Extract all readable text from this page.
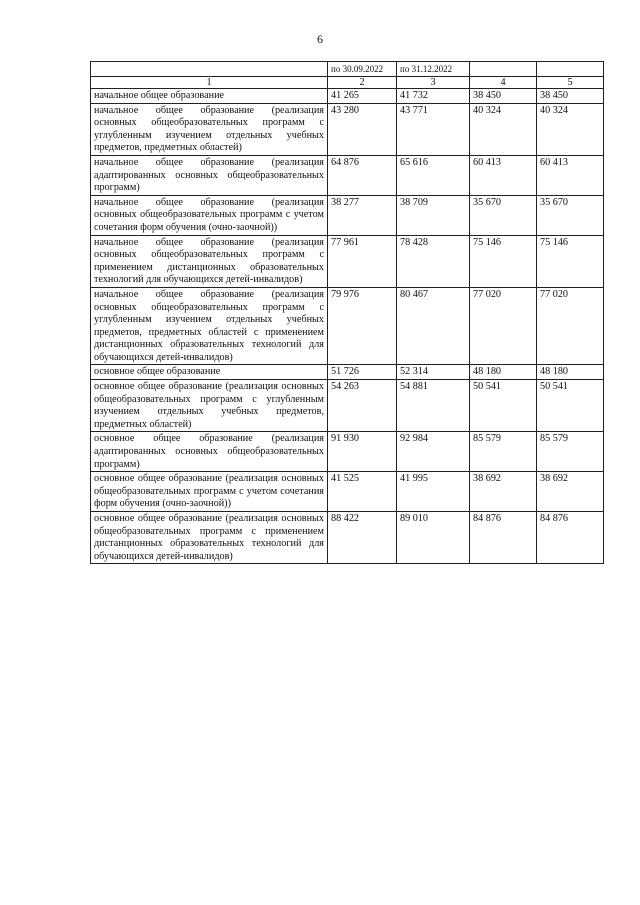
6
	по 30.09.2022	по 31.12.2022		
1	2	3	4	5
начальное общее образование	41 265	41 732	38 450	38 450
начальное общее образование (реализация основных общеобразовательных программ с углубленным изучением отдельных учебных предметов, предметных областей)	43 280	43 771	40 324	40 324
начальное общее образование (реализация адаптированных основных общеобразовательных программ)	64 876	65 616	60 413	60 413
начальное общее образование (реализация основных общеобразовательных программ с учетом сочетания форм обучения (очно-заочной))	38 277	38 709	35 670	35 670
начальное общее образование (реализация основных общеобразовательных программ с применением дистанционных образовательных технологий для обучающихся детей-инвалидов)	77 961	78 428	75 146	75 146
начальное общее образование (реализация основных общеобразовательных программ с углубленным изучением отдельных учебных предметов, предметных областей с применением дистанционных образовательных технологий для обучающихся детей-инвалидов)	79 976	80 467	77 020	77 020
основное общее образование	51 726	52 314	48 180	48 180
основное общее образование (реализация основных общеобразовательных программ с углубленным изучением отдельных учебных предметов, предметных областей)	54 263	54 881	50 541	50 541
основное общее образование (реализация адаптированных основных общеобразовательных программ)	91 930	92 984	85 579	85 579
основное общее образование (реализация основных общеобразовательных программ с учетом сочетания форм обучения (очно-заочной))	41 525	41 995	38 692	38 692
основное общее образование (реализация основных общеобразовательных программ с применением дистанционных образовательных технологий для обучающихся детей-инвалидов)	88 422	89 010	84 876	84 876
